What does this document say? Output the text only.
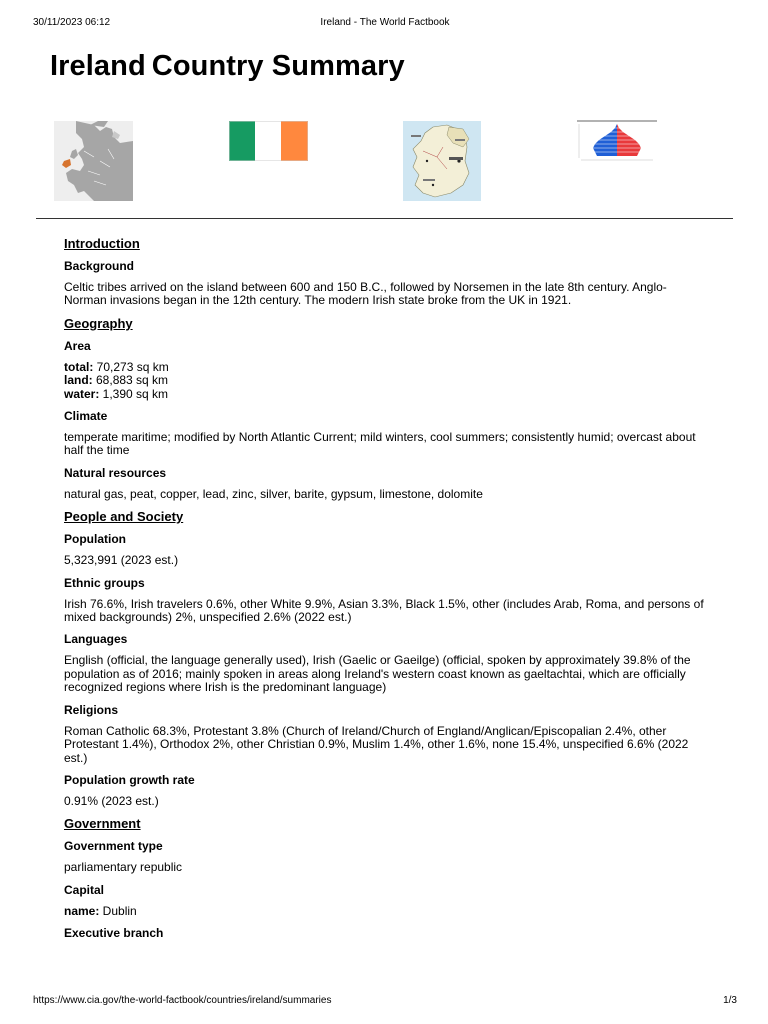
30/11/2023 06:12	Ireland - The World Factbook
Ireland Country Summary
Introduction
Background

Celtic tribes arrived on the island between 600 and 150 B.C., followed by Norsemen in the late 8th century. Anglo-Norman invasions began in the 12th century. The modern Irish state broke from the UK in 1921.

Geography
Area

total: 70,273 sq km
land: 68,883 sq km
water: 1,390 sq km

Climate

temperate maritime; modified by North Atlantic Current; mild winters, cool summers; consistently humid; overcast about half the time

Natural resources

natural gas, peat, copper, lead, zinc, silver, barite, gypsum, limestone, dolomite

People and Society
Population

5,323,991 (2023 est.)

Ethnic groups

Irish 76.6%, Irish travelers 0.6%, other White 9.9%, Asian 3.3%, Black 1.5%, other (includes Arab, Roma, and persons of mixed backgrounds) 2%, unspecified 2.6% (2022 est.)

Languages

English (official, the language generally used), Irish (Gaelic or Gaeilge) (official, spoken by approximately 39.8% of the population as of 2016; mainly spoken in areas along Ireland's western coast known as gaeltachtai, which are officially recognized regions where Irish is the predominant language)

Religions

Roman Catholic 68.3%, Protestant 3.8% (Church of Ireland/Church of England/Anglican/Episcopalian 2.4%, other Protestant 1.4%), Orthodox 2%, other Christian 0.9%, Muslim 1.4%, other 1.6%, none 15.4%, unspecified 6.6% (2022 est.)

Population growth rate

0.91% (2023 est.)

Government
Government type

parliamentary republic

Capital

name: Dublin

Executive branch
https://www.cia.gov/the-world-factbook/countries/ireland/summaries	1/3
